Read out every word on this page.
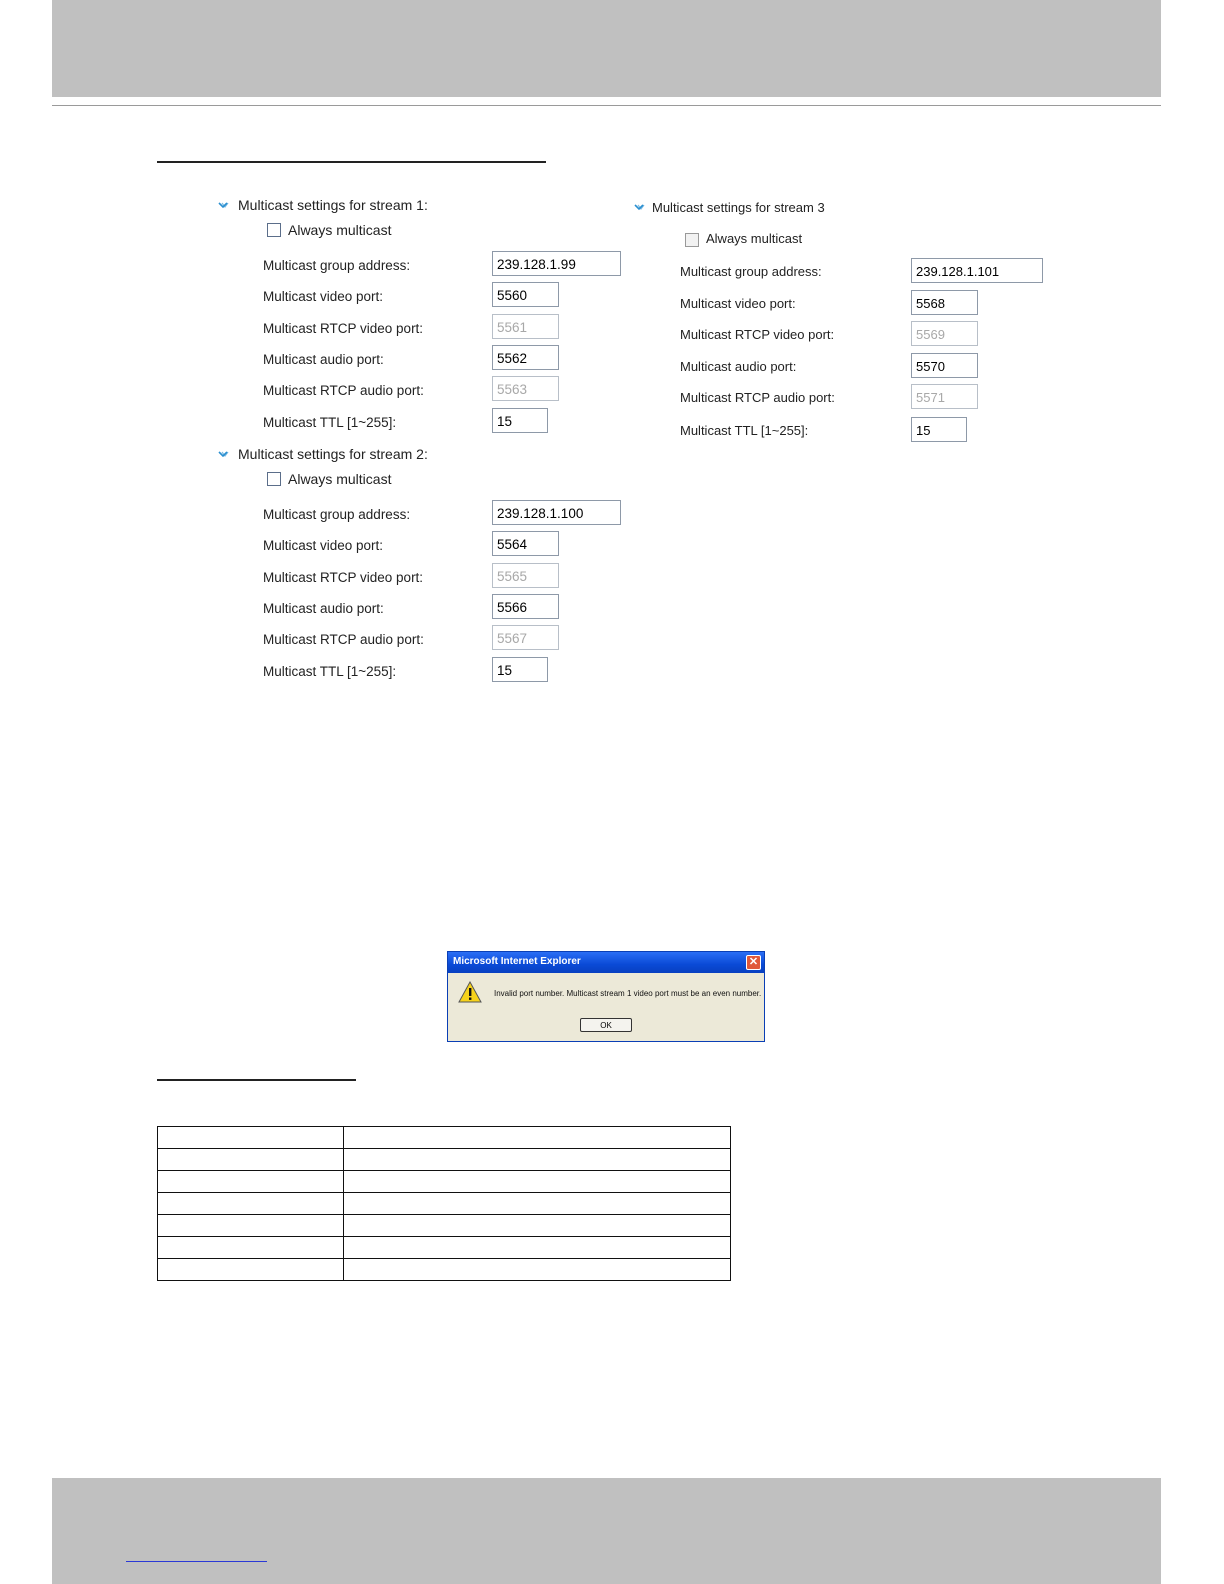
Multicast settings for stream 1:
Always multicast
Multicast group address:	239.128.1.99
Multicast video port:	5560
Multicast RTCP video port:	5561
Multicast audio port:	5562
Multicast RTCP audio port:	5563
Multicast TTL [1~255]:	15
Multicast settings for stream 2:
Always multicast
Multicast group address:	239.128.1.100
Multicast video port:	5564
Multicast RTCP video port:	5565
Multicast audio port:	5566
Multicast RTCP audio port:	5567
Multicast TTL [1~255]:	15
Multicast settings for stream 3
Always multicast
Multicast group address:	239.128.1.101
Multicast video port:	5568
Multicast RTCP video port:	5569
Multicast audio port:	5570
Multicast RTCP audio port:	5571
Multicast TTL [1~255]:	15
Microsoft Internet Explorer	✕
Invalid port number. Multicast stream 1 video port must be an even number.
OK
